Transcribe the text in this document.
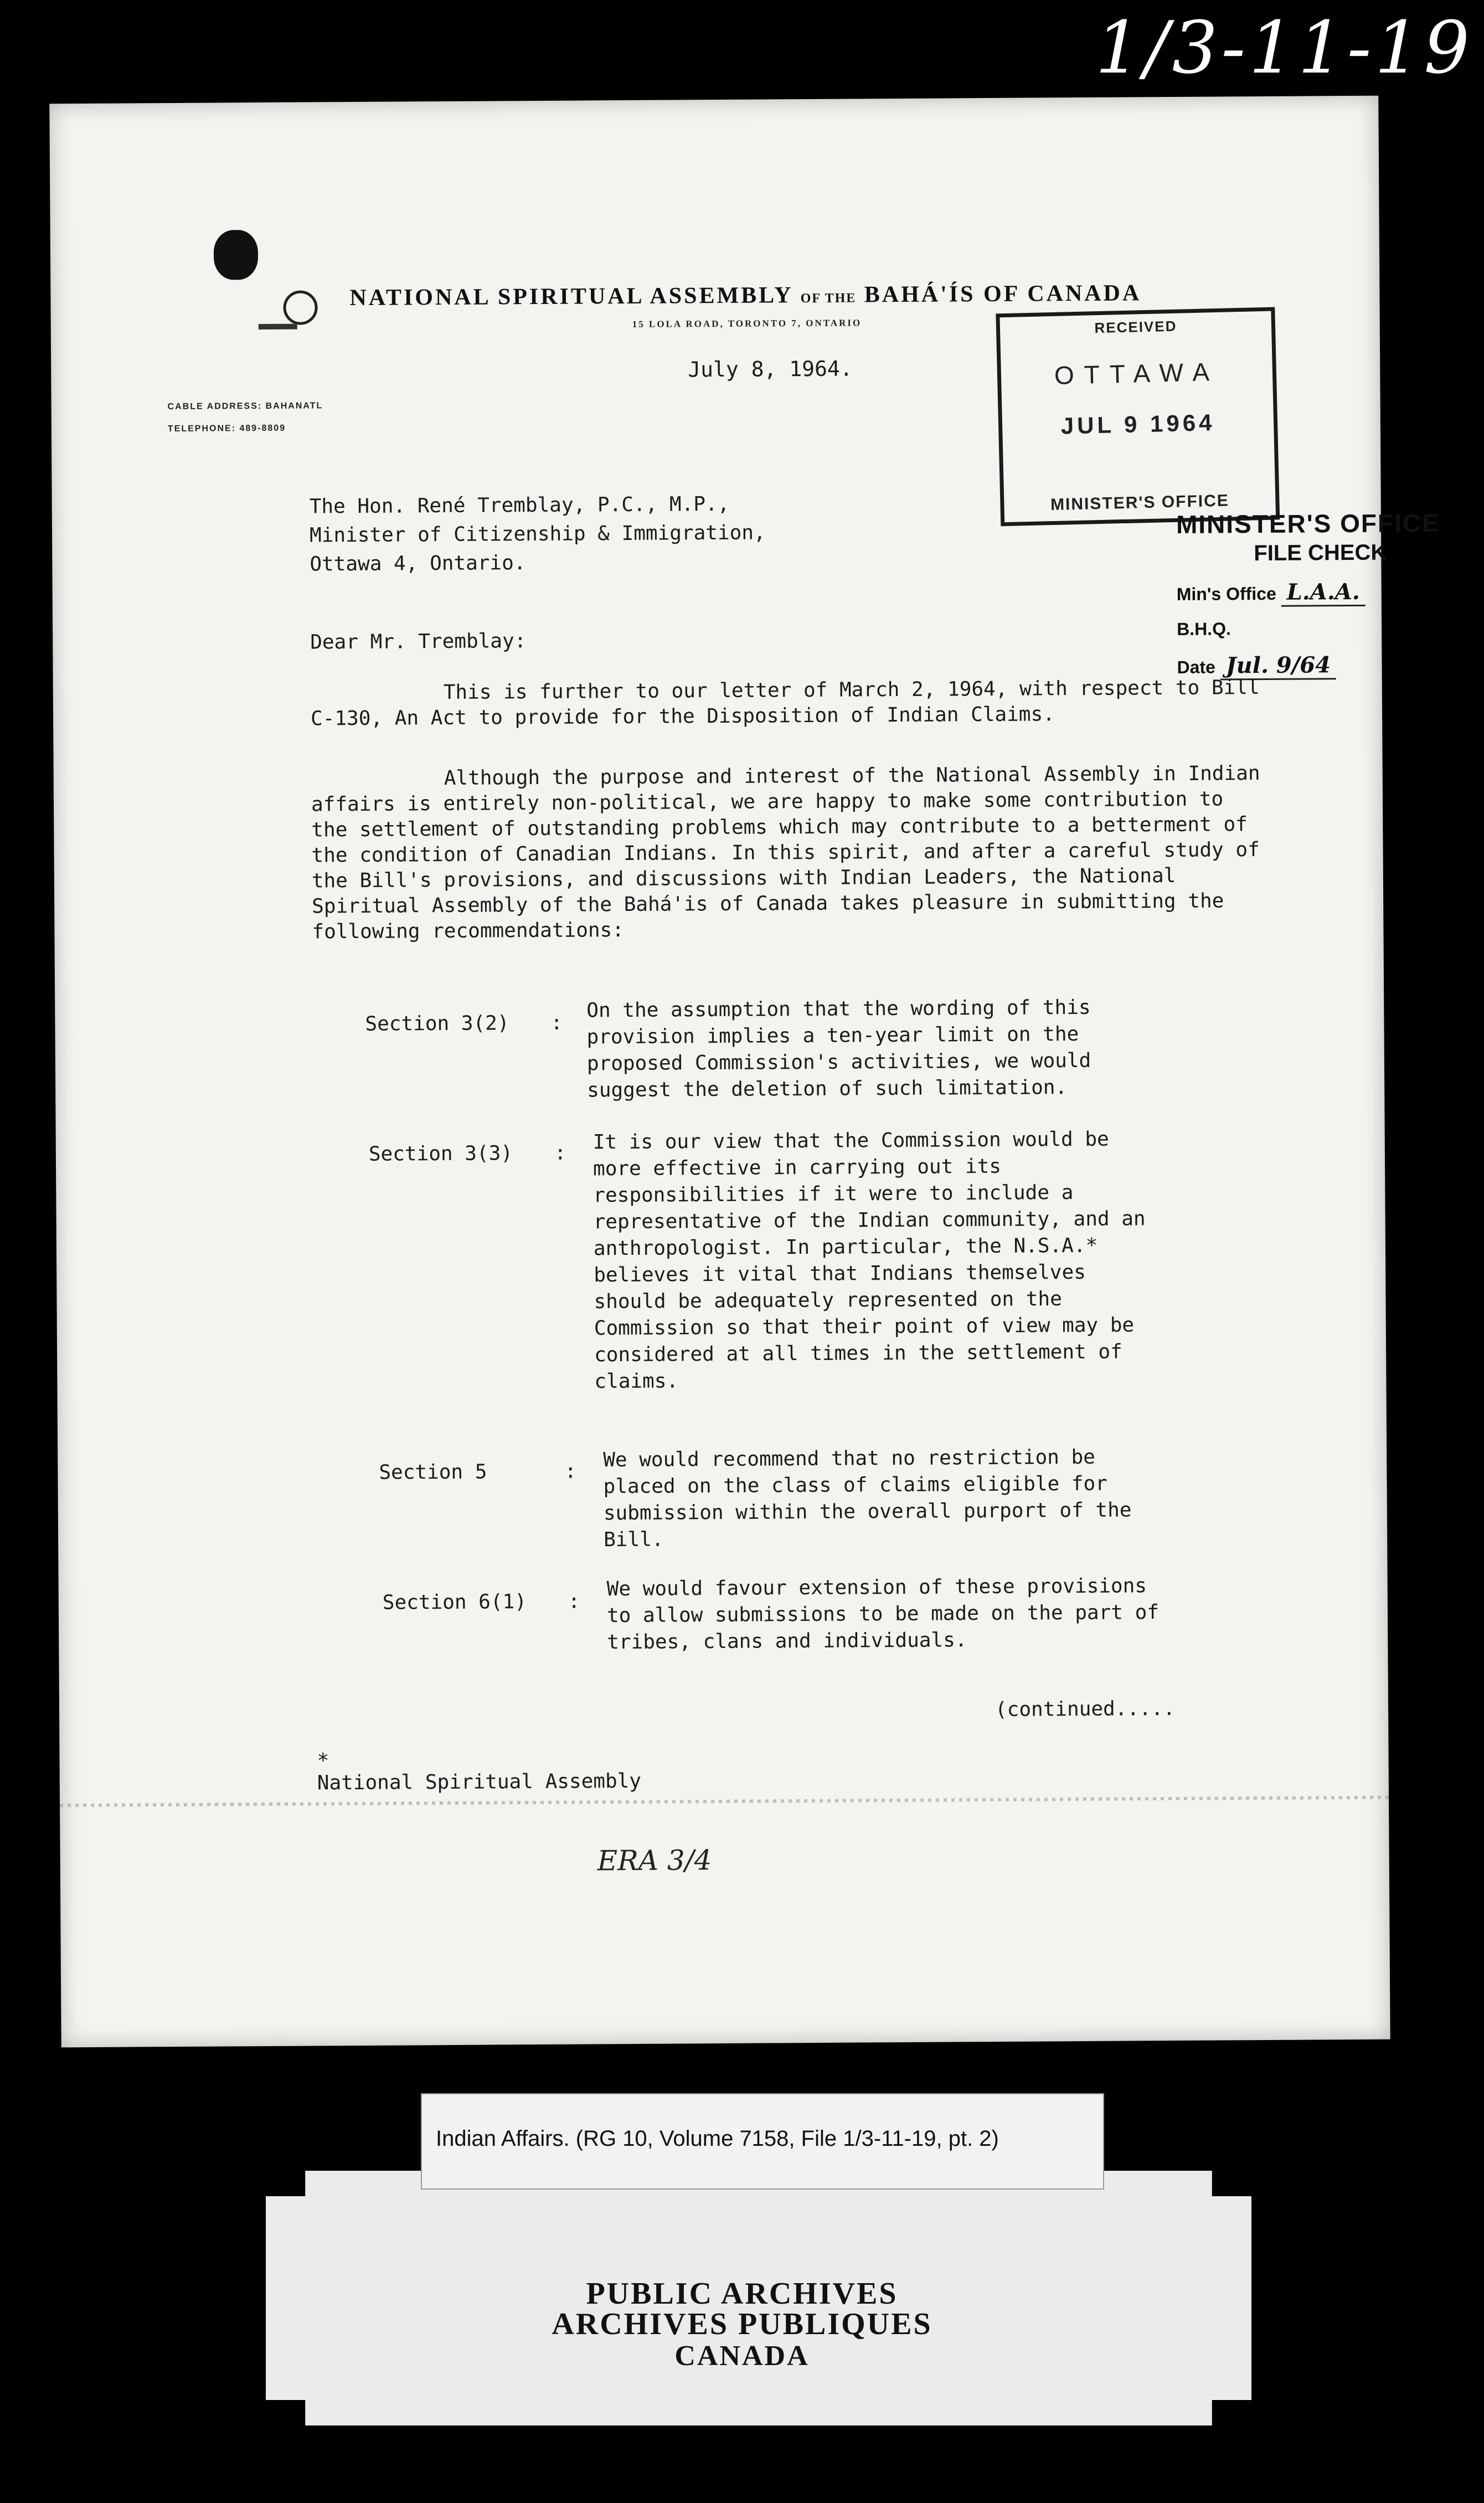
1/3-11-19
NATIONAL SPIRITUAL ASSEMBLY OF THE BAHÁ'ÍS OF CANADA
15 LOLA ROAD, TORONTO 7, ONTARIO
CABLE ADDRESS: BAHANATL
TELEPHONE: 489-8809
July 8, 1964.
RECEIVED
OTTAWA
JUL 9 1964
MINISTER'S OFFICE
The Hon. René Tremblay, P.C., M.P.,
Minister of Citizenship & Immigration,
Ottawa 4, Ontario.
MINISTER'S OFFICE
FILE CHECK
Min's Office L.A.A.
B.H.Q.
Date Jul. 9/64
Dear Mr. Tremblay:
This is further to our letter of March 2, 1964, with respect to Bill C-130, An Act to provide for the Disposition of Indian Claims.
Although the purpose and interest of the National Assembly in Indian affairs is entirely non-political, we are happy to make some contribution to the settlement of outstanding problems which may contribute to a betterment of the condition of Canadian Indians. In this spirit, and after a careful study of the Bill's provisions, and discussions with Indian Leaders, the National Spiritual Assembly of the Bahá'is of Canada takes pleasure in submitting the following recommendations:
Section 3(2) :
On the assumption that the wording of this provision implies a ten-year limit on the proposed Commission's activities, we would suggest the deletion of such limitation.
Section 3(3) : It is our view that the Commission would be more effective in carrying out its responsibilities if it were to include a representative of the Indian community, and an anthropologist. In particular, the N.S.A.* believes it vital that Indians themselves should be adequately represented on the Commission so that their point of view may be considered at all times in the settlement of claims.
Section 5	: We would recommend that no restriction be placed on the class of claims eligible for submission within the overall purport of the Bill.
Section 6(1) :
We would favour extension of these provisions to allow submissions to be made on the part of tribes, clans and individuals.
(continued.....
*
National Spiritual Assembly
ERA 3/4
Indian Affairs. (RG 10, Volume 7158, File 1/3-11-19, pt. 2)
PUBLIC ARCHIVES
ARCHIVES PUBLIQUES
CANADA
